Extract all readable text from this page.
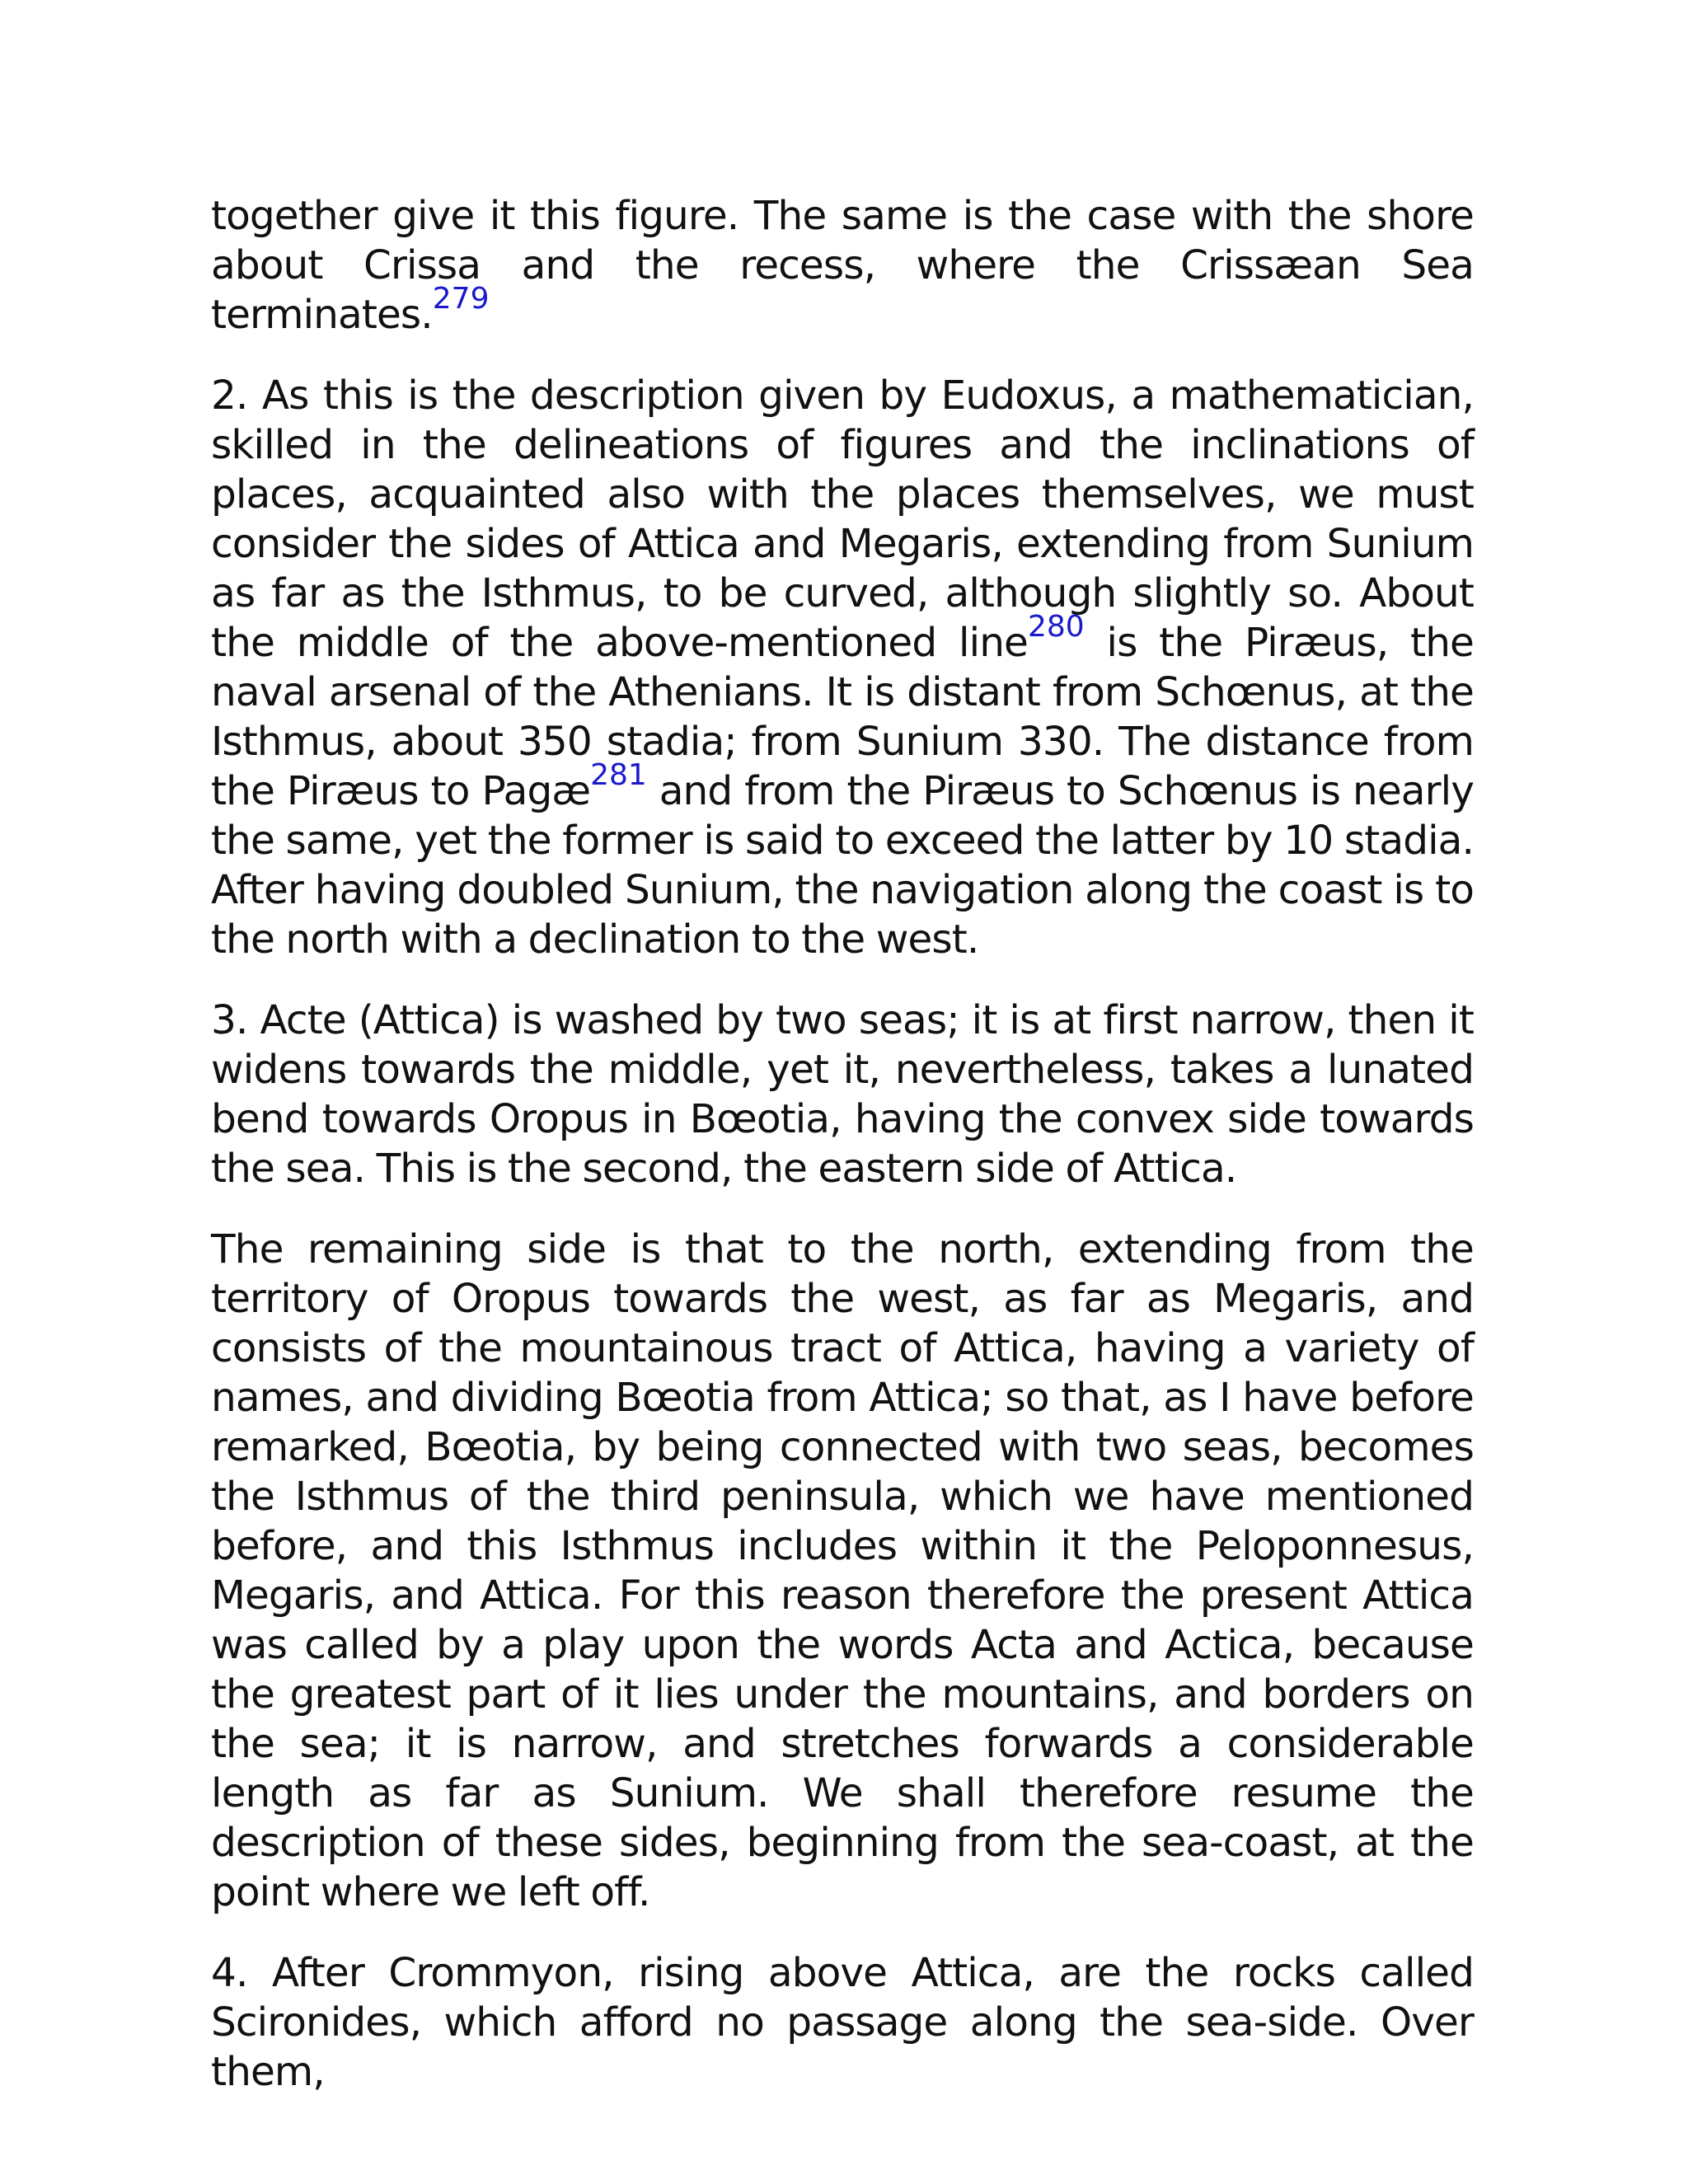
together give it this figure. The same is the case with the shore about Crissa and the recess, where the Crissæan Sea terminates.$^{279}$

2. As this is the description given by Eudoxus, a mathematician, skilled in the delineations of figures and the inclinations of places, acquainted also with the places themselves, we must consider the sides of Attica and Megaris, extending from Sunium as far as the Isthmus, to be curved, although slightly so. About the middle of the above-mentioned line$^{280}$ is the Piræus, the naval arsenal of the Athenians. It is distant from Schœnus, at the Isthmus, about 350 stadia; from Sunium 330. The distance from the Piræus to Pagæ$^{281}$ and from the Piræus to Schœnus is nearly the same, yet the former is said to exceed the latter by 10 stadia. After having doubled Sunium, the navigation along the coast is to the north with a declination to the west.

3. Acte (Attica) is washed by two seas; it is at first narrow, then it widens towards the middle, yet it, nevertheless, takes a lunated bend towards Oropus in Bœotia, having the convex side towards the sea. This is the second, the eastern side of Attica.

The remaining side is that to the north, extending from the territory of Oropus towards the west, as far as Megaris, and consists of the mountainous tract of Attica, having a variety of names, and dividing Bœotia from Attica; so that, as I have before remarked, Bœotia, by being connected with two seas, becomes the Isthmus of the third peninsula, which we have mentioned before, and this Isthmus includes within it the Peloponnesus, Megaris, and Attica. For this reason therefore the present Attica was called by a play upon the words Acta and Actica, because the greatest part of it lies under the mountains, and borders on the sea; it is narrow, and stretches forwards a considerable length as far as Sunium. We shall therefore resume the description of these sides, beginning from the sea-coast, at the point where we left off.

4. After Crommyon, rising above Attica, are the rocks called Scironides, which afford no passage along the sea-side. Over them,
